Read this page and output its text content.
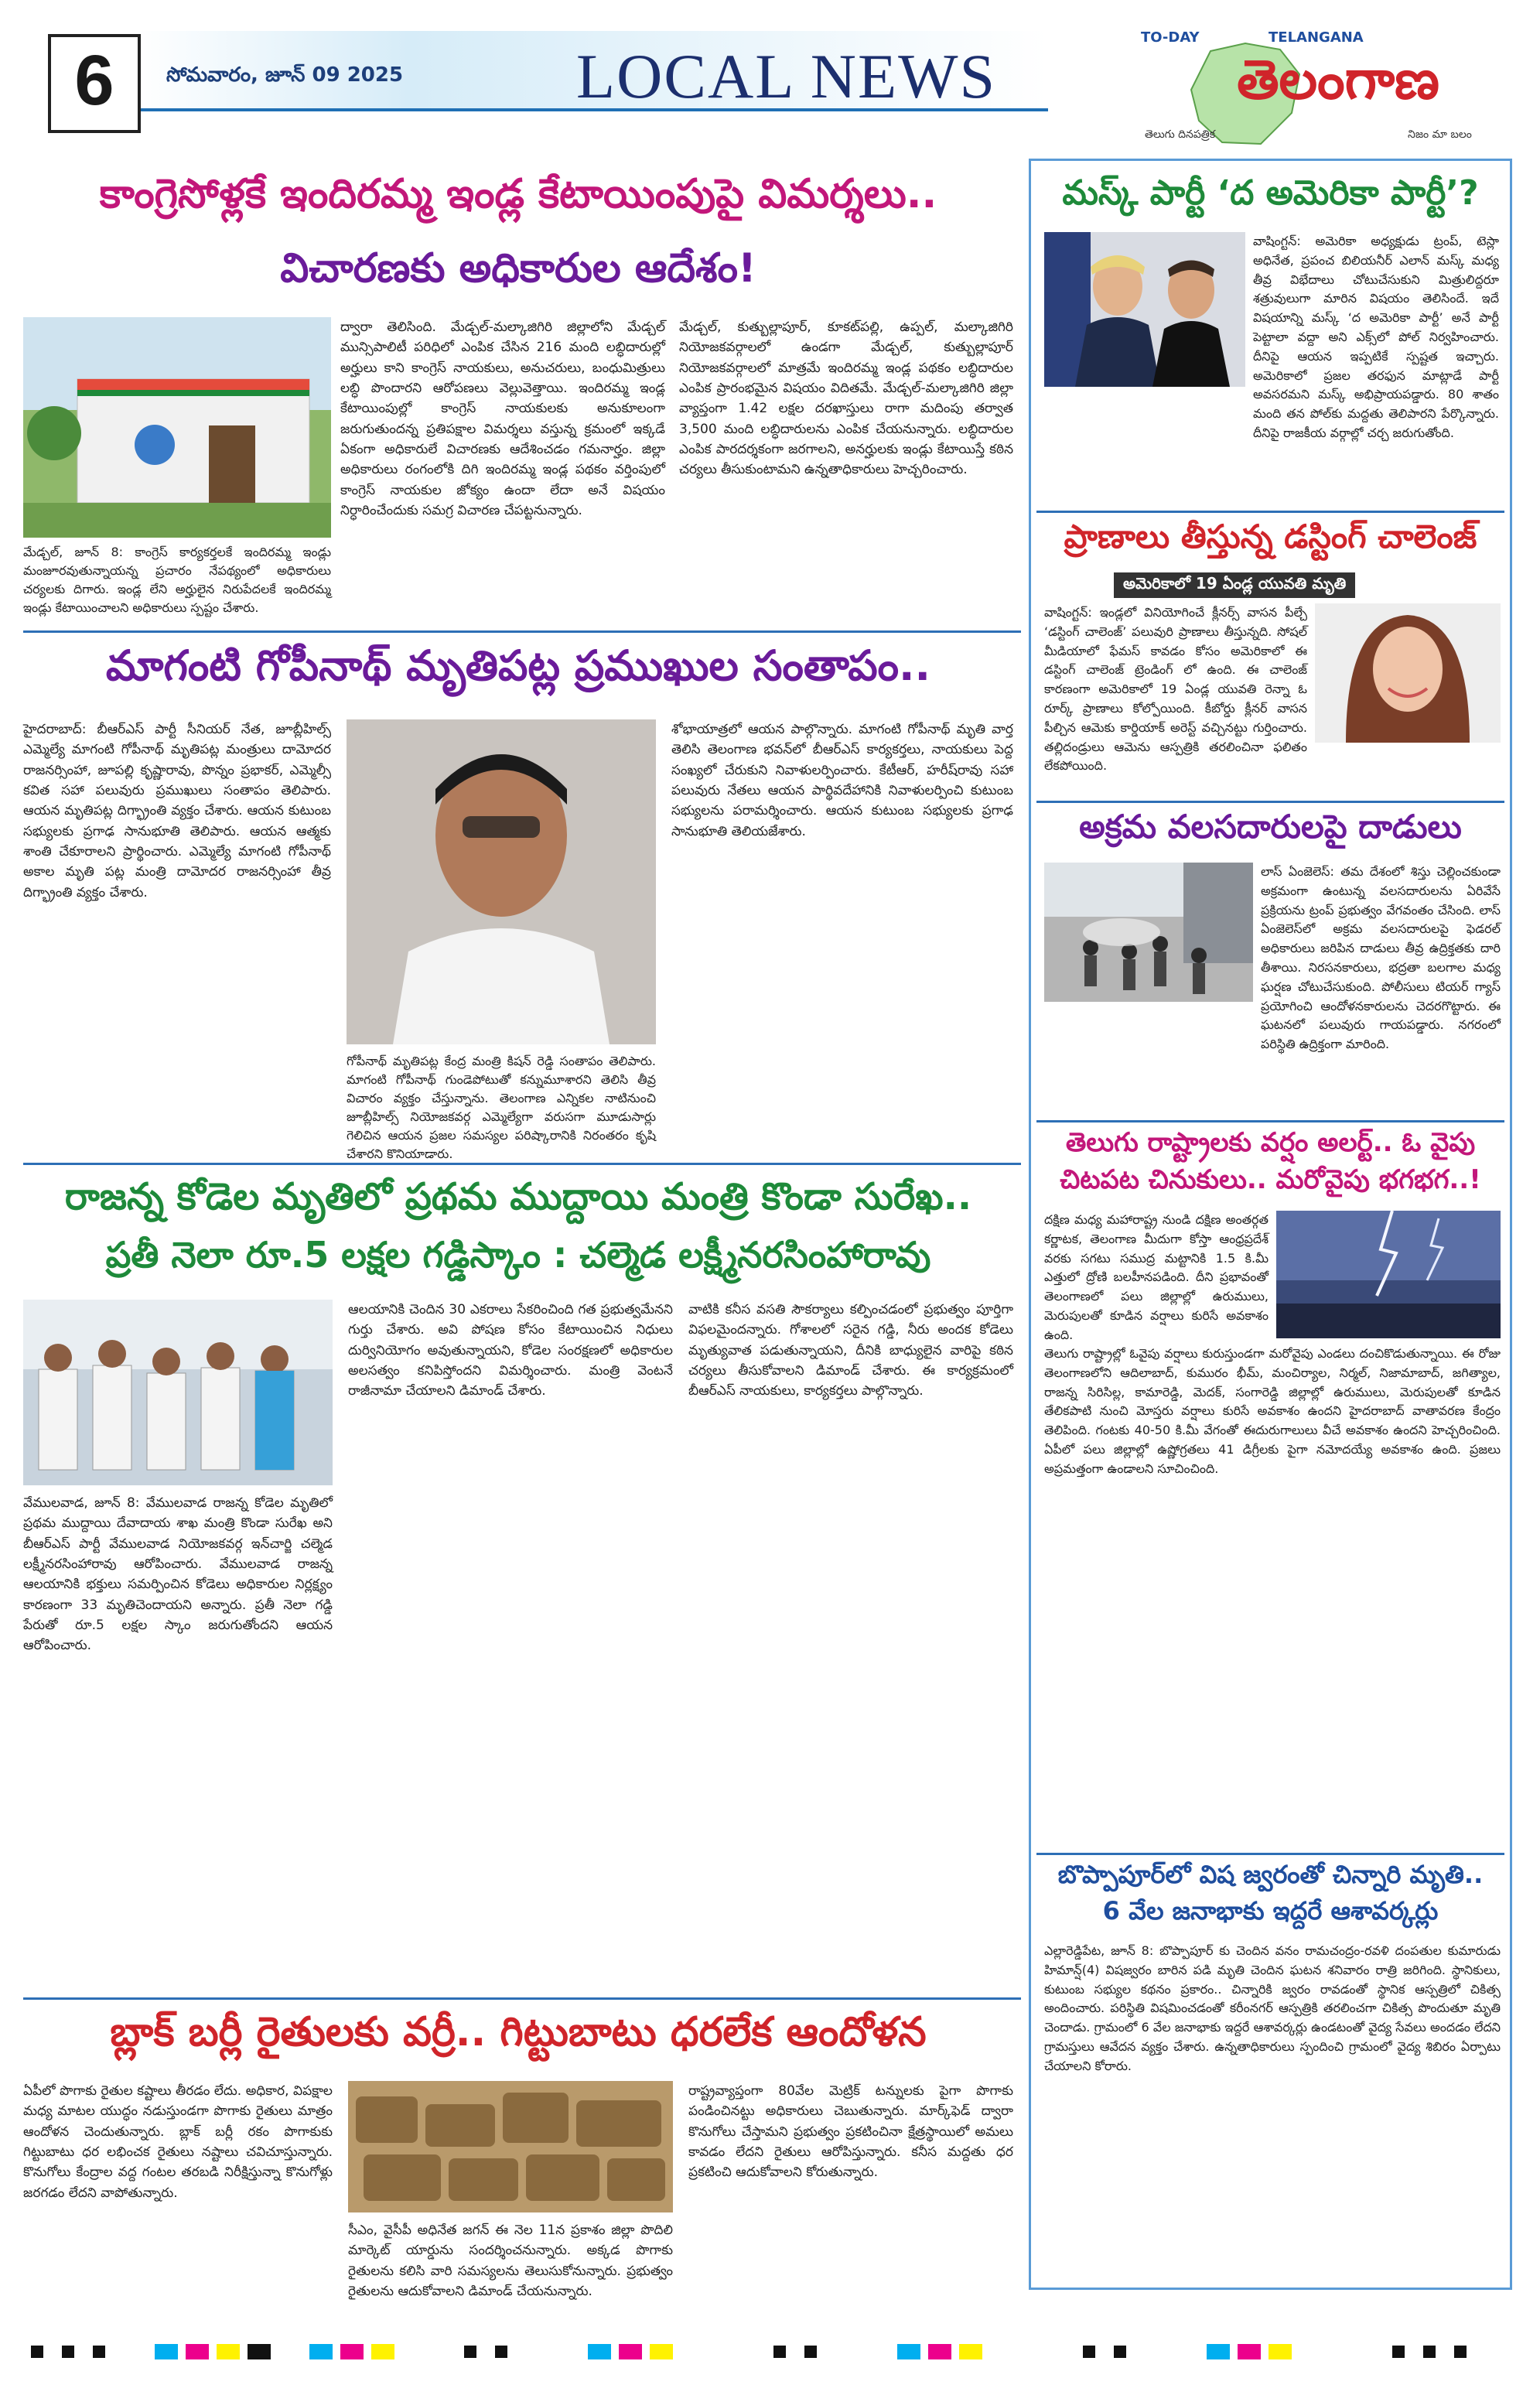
6	సోమవారం, జూన్ 09 2025	LOCAL NEWS
TO-DAY	TELANGANA
తెలంగాణ
తెలుగు దినపత్రిక	నిజం మా బలం
కాంగ్రెసోళ్లకే ఇందిరమ్మ ఇండ్ల కేటాయింపుపై విమర్శలు..
విచారణకు అధికారుల ఆదేశం!
మేడ్చల్‌, జూన్‌ 8: కాంగ్రెస్‌ కార్యకర్తలకే ఇందిరమ్మ ఇండ్లు మంజూరవుతున్నాయన్న ప్రచారం నేపథ్యంలో అధికారులు చర్యలకు దిగారు. ఇండ్ల లేని అర్హులైన నిరుపేదలకే ఇందిరమ్మ ఇండ్లు కేటాయించాలని అధికారులు స్పష్టం చేశారు.
ద్వారా తెలిసింది. మేడ్చల్‌-మల్కాజిగిరి జిల్లాలోని మేడ్చల్‌ మున్సిపాలిటీ పరిధిలో ఎంపిక చేసిన 216 మంది లబ్ధిదారుల్లో అర్హులు కాని కాంగ్రెస్‌ నాయకులు, అనుచరులు, బంధుమిత్రులు లబ్ధి పొందారని ఆరోపణలు వెల్లువెత్తాయి. ఇందిరమ్మ ఇండ్ల కేటాయింపుల్లో కాంగ్రెస్‌ నాయకులకు అనుకూలంగా జరుగుతుందన్న ప్రతిపక్షాల విమర్శలు వస్తున్న క్రమంలో ఇక్కడే ఏకంగా అధికారులే విచారణకు ఆదేశించడం గమనార్హం. జిల్లా అధికారులు రంగంలోకి దిగి ఇందిరమ్మ ఇండ్ల పథకం వర్తింపులో కాంగ్రెస్‌ నాయకుల జోక్యం ఉందా లేదా అనే విషయం నిర్ధారించేందుకు సమగ్ర విచారణ చేపట్టనున్నారు.
మేడ్చల్‌, కుత్బుల్లాపూర్‌, కూకట్‌పల్లి, ఉప్పల్‌, మల్కాజిగిరి నియోజకవర్గాలలో ఉండగా మేడ్చల్‌, కుత్బుల్లాపూర్‌ నియోజకవర్గాలలో మాత్రమే ఇందిరమ్మ ఇండ్ల పథకం లబ్ధిదారుల ఎంపిక ప్రారంభమైన విషయం విదితమే. మేడ్చల్‌-మల్కాజిగిరి జిల్లా వ్యాప్తంగా 1.42 లక్షల దరఖాస్తులు రాగా మదింపు తర్వాత 3,500 మంది లబ్ధిదారులను ఎంపిక చేయనున్నారు. లబ్ధిదారుల ఎంపిక పారదర్శకంగా జరగాలని, అనర్హులకు ఇండ్లు కేటాయిస్తే కఠిన చర్యలు తీసుకుంటామని ఉన్నతాధికారులు హెచ్చరించారు.
మాగంటి గోపీనాథ్‌ మృతిపట్ల ప్రముఖుల సంతాపం..
హైదరాబాద్‌: బీఆర్‌ఎస్‌ పార్టీ సీనియర్‌ నేత, జూబ్లీహిల్స్‌ ఎమ్మెల్యే మాగంటి గోపీనాథ్‌ మృతిపట్ల మంత్రులు దామోదర రాజనర్సింహా, జూపల్లి కృష్ణారావు, పొన్నం ప్రభాకర్‌, ఎమ్మెల్సీ కవిత సహా పలువురు ప్రముఖులు సంతాపం తెలిపారు. ఆయన మృతిపట్ల దిగ్భ్రాంతి వ్యక్తం చేశారు. ఆయన కుటుంబ సభ్యులకు ప్రగాఢ సానుభూతి తెలిపారు. ఆయన ఆత్మకు శాంతి చేకూరాలని ప్రార్థించారు. ఎమ్మెల్యే మాగంటి గోపీనాథ్‌ అకాల మృతి పట్ల మంత్రి దామోదర రాజనర్సింహా తీవ్ర దిగ్భ్రాంతి వ్యక్తం చేశారు.
గోపీనాథ్‌ మృతిపట్ల కేంద్ర మంత్రి కిషన్‌ రెడ్డి సంతాపం తెలిపారు. మాగంటి గోపీనాథ్‌ గుండెపోటుతో కన్నుమూశారని తెలిసి తీవ్ర విచారం వ్యక్తం చేస్తున్నాను. తెలంగాణ ఎన్నికల నాటినుంచి జూబ్లీహిల్స్‌ నియోజకవర్గ ఎమ్మెల్యేగా వరుసగా మూడుసార్లు గెలిచిన ఆయన ప్రజల సమస్యల పరిష్కారానికి నిరంతరం కృషి చేశారని కొనియాడారు.
శోభాయాత్రలో ఆయన పాల్గొన్నారు. మాగంటి గోపీనాథ్‌ మృతి వార్త తెలిసి తెలంగాణ భవన్‌లో బీఆర్‌ఎస్‌ కార్యకర్తలు, నాయకులు పెద్ద సంఖ్యలో చేరుకుని నివాళులర్పించారు. కేటీఆర్‌, హరీష్‌రావు సహా పలువురు నేతలు ఆయన పార్థివదేహానికి నివాళులర్పించి కుటుంబ సభ్యులను పరామర్శించారు. ఆయన కుటుంబ సభ్యులకు ప్రగాఢ సానుభూతి తెలియజేశారు.
రాజన్న కోడెల మృతిలో ప్రథమ ముద్దాయి మంత్రి కొండా సురేఖ..
ప్రతీ నెలా రూ.5 లక్షల గడ్డిస్కాం : చల్మెడ లక్ష్మీనరసింహారావు
వేములవాడ, జూన్‌ 8: వేములవాడ రాజన్న కోడెల మృతిలో ప్రథమ ముద్దాయి దేవాదాయ శాఖ మంత్రి కొండా సురేఖ అని బీఆర్‌ఎస్‌ పార్టీ వేములవాడ నియోజకవర్గ ఇన్‌చార్జి చల్మెడ లక్ష్మీనరసింహారావు ఆరోపించారు. వేములవాడ రాజన్న ఆలయానికి భక్తులు సమర్పించిన కోడెలు అధికారుల నిర్లక్ష్యం కారణంగా 33 మృతిచెందాయని అన్నారు. ప్రతీ నెలా గడ్డి పేరుతో రూ.5 లక్షల స్కాం జరుగుతోందని ఆయన ఆరోపించారు.
ఆలయానికి చెందిన 30 ఎకరాలు సేకరించింది గత ప్రభుత్వమేనని గుర్తు చేశారు. అవి పోషణ కోసం కేటాయించిన నిధులు దుర్వినియోగం అవుతున్నాయని, కోడెల సంరక్షణలో అధికారుల అలసత్వం కనిపిస్తోందని విమర్శించారు. మంత్రి వెంటనే రాజీనామా చేయాలని డిమాండ్‌ చేశారు.
వాటికి కనీస వసతి సౌకర్యాలు కల్పించడంలో ప్రభుత్వం పూర్తిగా విఫలమైందన్నారు. గోశాలలో సరైన గడ్డి, నీరు అందక కోడెలు మృత్యువాత పడుతున్నాయని, దీనికి బాధ్యులైన వారిపై కఠిన చర్యలు తీసుకోవాలని డిమాండ్‌ చేశారు. ఈ కార్యక్రమంలో బీఆర్‌ఎస్‌ నాయకులు, కార్యకర్తలు పాల్గొన్నారు.
బ్లాక్‌ బర్లీ రైతులకు వర్రీ.. గిట్టుబాటు ధరలేక ఆందోళన
ఏపీలో పొగాకు రైతుల కష్టాలు తీరడం లేదు. అధికార, విపక్షాల మధ్య మాటల యుద్ధం నడుస్తుండగా పొగాకు రైతులు మాత్రం ఆందోళన చెందుతున్నారు. బ్లాక్‌ బర్లీ రకం పొగాకుకు గిట్టుబాటు ధర లభించక రైతులు నష్టాలు చవిచూస్తున్నారు. కొనుగోలు కేంద్రాల వద్ద గంటల తరబడి నిరీక్షిస్తున్నా కొనుగోళ్లు జరగడం లేదని వాపోతున్నారు.
సీఎం, వైసీపీ అధినేత జగన్‌ ఈ నెల 11న ప్రకాశం జిల్లా పొదిలి మార్కెట్‌ యార్డును సందర్శించనున్నారు. అక్కడ పొగాకు రైతులను కలిసి వారి సమస్యలను తెలుసుకోనున్నారు. ప్రభుత్వం రైతులను ఆదుకోవాలని డిమాండ్‌ చేయనున్నారు.
రాష్ట్రవ్యాప్తంగా 80వేల మెట్రిక్‌ టన్నులకు పైగా పొగాకు పండించినట్టు అధికారులు చెబుతున్నారు. మార్క్‌ఫెడ్‌ ద్వారా కొనుగోలు చేస్తామని ప్రభుత్వం ప్రకటించినా క్షేత్రస్థాయిలో అమలు కావడం లేదని రైతులు ఆరోపిస్తున్నారు. కనీస మద్దతు ధర ప్రకటించి ఆదుకోవాలని కోరుతున్నారు.
మస్క్‌ పార్టీ ‘ద అమెరికా పార్టీ’?
వాషింగ్టన్‌: అమెరికా అధ్యక్షుడు ట్రంప్‌, టెస్లా అధినేత, ప్రపంచ బిలియనీర్‌ ఎలాన్‌ మస్క్‌ మధ్య తీవ్ర విభేదాలు చోటుచేసుకుని మిత్రులిద్దరూ శత్రువులుగా మారిన విషయం తెలిసిందే. ఇదే విషయాన్ని మస్క్‌ ‘ద అమెరికా పార్టీ’ అనే పార్టీ పెట్టాలా వద్దా అని ఎక్స్‌లో పోల్‌ నిర్వహించారు. దీనిపై ఆయన ఇప్పటికే స్పష్టత ఇచ్చారు. అమెరికాలో ప్రజల తరఫున మాట్లాడే పార్టీ అవసరమని మస్క్‌ అభిప్రాయపడ్డారు. 80 శాతం మంది తన పోల్‌కు మద్దతు తెలిపారని పేర్కొన్నారు. దీనిపై రాజకీయ వర్గాల్లో చర్చ జరుగుతోంది.
ప్రాణాలు తీస్తున్న డస్టింగ్‌ చాలెంజ్‌
అమెరికాలో 19 ఏండ్ల యువతి మృతి
వాషింగ్టన్‌: ఇండ్లలో వినియోగించే క్లీనర్స్‌ వాసన పీల్చే ‘డస్టింగ్‌ చాలెంజ్‌’ పలువురి ప్రాణాలు తీస్తున్నది. సోషల్‌ మీడియాలో ఫేమస్‌ కావడం కోసం అమెరికాలో ఈ డస్టింగ్‌ చాలెంజ్‌ ట్రెండింగ్‌ లో ఉంది. ఈ చాలెంజ్‌ కారణంగా అమెరికాలో 19 ఏండ్ల యువతి రెన్నా ఓ రూర్క్‌ ప్రాణాలు కోల్పోయింది. కీబోర్డు క్లీనర్‌ వాసన పీల్చిన ఆమెకు కార్డియాక్‌ అరెస్ట్‌ వచ్చినట్టు గుర్తించారు. తల్లిదండ్రులు ఆమెను ఆస్పత్రికి తరలించినా ఫలితం లేకపోయింది.
అక్రమ వలసదారులపై దాడులు
లాస్‌ ఏంజెలెస్‌: తమ దేశంలో శిస్తు చెల్లించకుండా అక్రమంగా ఉంటున్న వలసదారులను ఏరివేసే ప్రక్రియను ట్రంప్‌ ప్రభుత్వం వేగవంతం చేసింది. లాస్‌ ఏంజెలెస్‌లో అక్రమ వలసదారులపై ఫెడరల్‌ అధికారులు జరిపిన దాడులు తీవ్ర ఉద్రిక్తతకు దారి తీశాయి. నిరసనకారులు, భద్రతా బలగాల మధ్య ఘర్షణ చోటుచేసుకుంది. పోలీసులు టియర్‌ గ్యాస్‌ ప్రయోగించి ఆందోళనకారులను చెదరగొట్టారు. ఈ ఘటనలో పలువురు గాయపడ్డారు. నగరంలో పరిస్థితి ఉద్రిక్తంగా మారింది.
తెలుగు రాష్ట్రాలకు వర్షం అలర్ట్‌.. ఓ వైపు
చిటపట చినుకులు.. మరోవైపు భగభగ..!
దక్షిణ మధ్య మహారాష్ట్ర నుండి దక్షిణ అంతర్గత కర్ణాటక, తెలంగాణ మీదుగా కోస్తా ఆంధ్రప్రదేశ్‌ వరకు సగటు సముద్ర మట్టానికి 1.5 కి.మీ ఎత్తులో ద్రోణి బలహీనపడింది. దీని ప్రభావంతో తెలంగాణలో పలు జిల్లాల్లో ఉరుములు, మెరుపులతో కూడిన వర్షాలు కురిసే అవకాశం ఉంది.
తెలుగు రాష్ట్రాల్లో ఓవైపు వర్షాలు కురుస్తుండగా మరోవైపు ఎండలు దంచికొడుతున్నాయి. ఈ రోజు తెలంగాణలోని ఆదిలాబాద్‌, కుమురం భీమ్‌, మంచిర్యాల, నిర్మల్‌, నిజామాబాద్‌, జగిత్యాల, రాజన్న సిరిసిల్ల, కామారెడ్డి, మెదక్‌, సంగారెడ్డి జిల్లాల్లో ఉరుములు, మెరుపులతో కూడిన తేలికపాటి నుంచి మోస్తరు వర్షాలు కురిసే అవకాశం ఉందని హైదరాబాద్‌ వాతావరణ కేంద్రం తెలిపింది. గంటకు 40-50 కి.మీ వేగంతో ఈదురుగాలులు వీచే అవకాశం ఉందని హెచ్చరించింది. ఏపీలో పలు జిల్లాల్లో ఉష్ణోగ్రతలు 41 డిగ్రీలకు పైగా నమోదయ్యే అవకాశం ఉంది. ప్రజలు అప్రమత్తంగా ఉండాలని సూచించింది.
బొప్పాపూర్‌లో విష జ్వరంతో చిన్నారి మృతి..
6 వేల జనాభాకు ఇద్దరే ఆశావర్కర్లు
ఎల్లారెడ్డిపేట, జూన్‌ 8: బొప్పాపూర్‌ కు చెందిన వనం రామచంద్రం-రవళి దంపతుల కుమారుడు హిమాన్ష్‌(4) విషజ్వరం బారిన పడి మృతి చెందిన ఘటన శనివారం రాత్రి జరిగింది. స్థానికులు, కుటుంబ సభ్యుల కథనం ప్రకారం.. చిన్నారికి జ్వరం రావడంతో స్థానిక ఆస్పత్రిలో చికిత్స అందించారు. పరిస్థితి విషమించడంతో కరీంనగర్‌ ఆస్పత్రికి తరలించగా చికిత్స పొందుతూ మృతి చెందాడు. గ్రామంలో 6 వేల జనాభాకు ఇద్దరే ఆశావర్కర్లు ఉండటంతో వైద్య సేవలు అందడం లేదని గ్రామస్తులు ఆవేదన వ్యక్తం చేశారు. ఉన్నతాధికారులు స్పందించి గ్రామంలో వైద్య శిబిరం ఏర్పాటు చేయాలని కోరారు.
